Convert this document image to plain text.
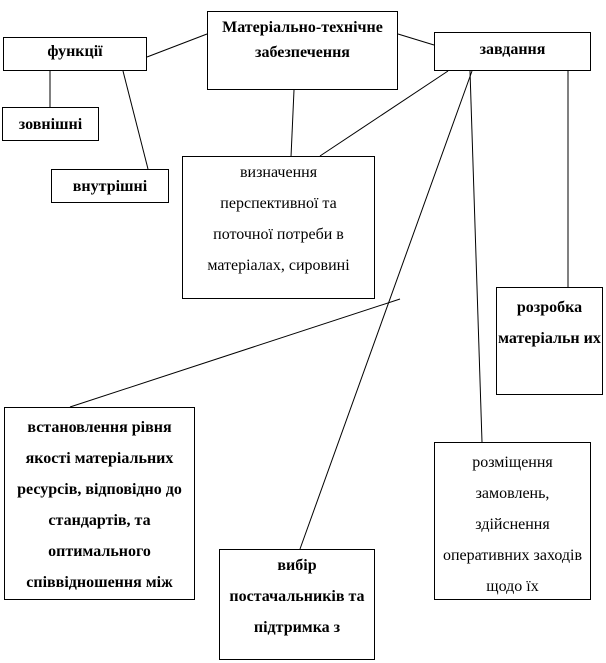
Матеріально-технічне забезпечення
функції	завдання
зовнішні
внутрішні
визначення перспективної та поточної потреби в матеріалах, сировині
розробка матеріальн их
встановлення рівня якості матеріальних ресурсів, відповідно до стандартів, та оптимального співвідношення між
розміщення замовлень, здійснення оперативних заходів щодо їх
вибір постачальників та підтримка з
